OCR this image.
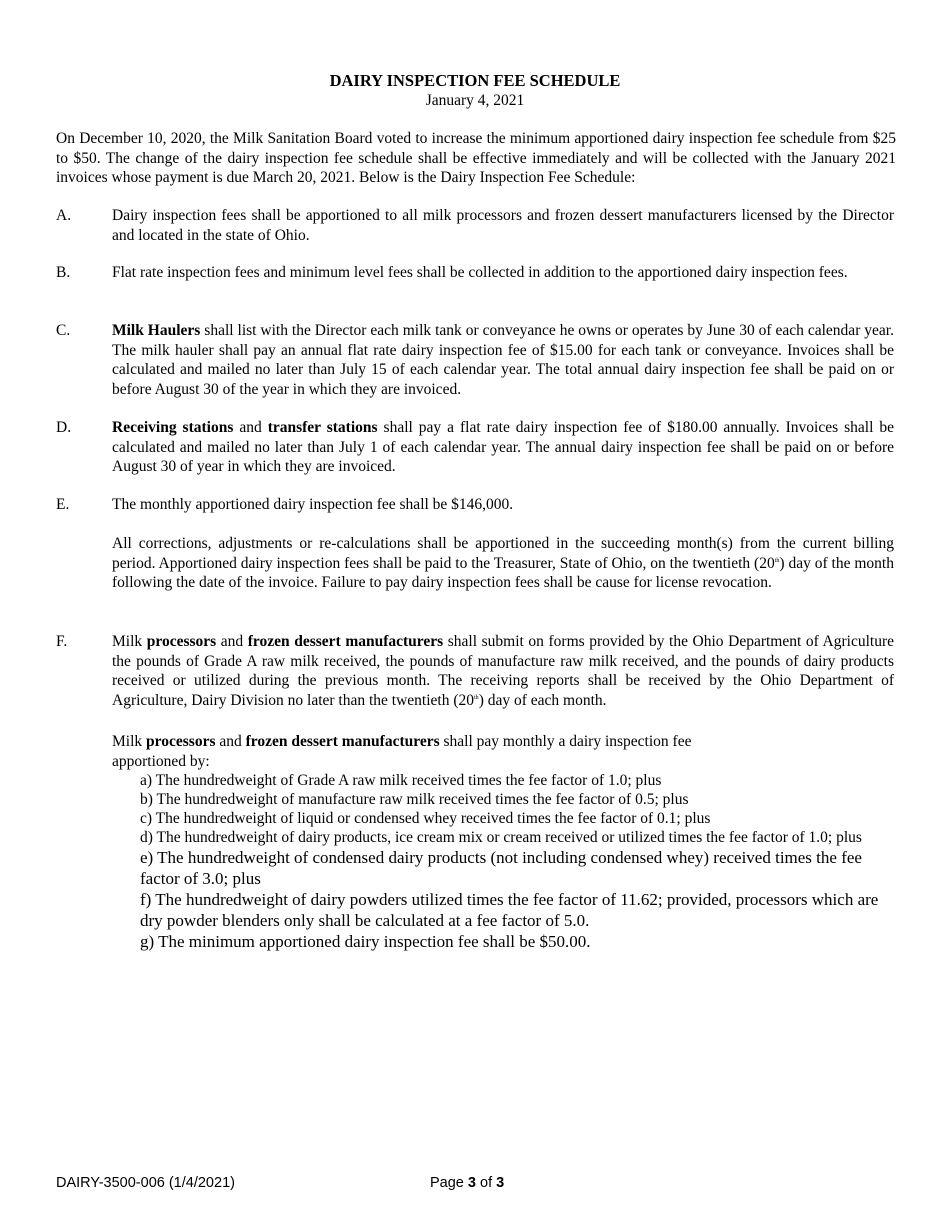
DAIRY INSPECTION FEE SCHEDULE
January 4, 2021
On December 10, 2020, the Milk Sanitation Board voted to increase the minimum apportioned dairy inspection fee schedule from $25 to $50. The change of the dairy inspection fee schedule shall be effective immediately and will be collected with the January 2021 invoices whose payment is due March 20, 2021. Below is the Dairy Inspection Fee Schedule:
A.	Dairy inspection fees shall be apportioned to all milk processors and frozen dessert manufacturers licensed by the Director and located in the state of Ohio.
B.	Flat rate inspection fees and minimum level fees shall be collected in addition to the apportioned dairy inspection fees.
C.	Milk Haulers shall list with the Director each milk tank or conveyance he owns or operates by June 30 of each calendar year. The milk hauler shall pay an annual flat rate dairy inspection fee of $15.00 for each tank or conveyance. Invoices shall be calculated and mailed no later than July 15 of each calendar year. The total annual dairy inspection fee shall be paid on or before August 30 of the year in which they are invoiced.
D.	Receiving stations and transfer stations shall pay a flat rate dairy inspection fee of $180.00 annually. Invoices shall be calculated and mailed no later than July 1 of each calendar year. The annual dairy inspection fee shall be paid on or before August 30 of year in which they are invoiced.
E.	The monthly apportioned dairy inspection fee shall be $146,000.
All corrections, adjustments or re-calculations shall be apportioned in the succeeding month(s) from the current billing period. Apportioned dairy inspection fees shall be paid to the Treasurer, State of Ohio, on the twentieth (20th) day of the month following the date of the invoice. Failure to pay dairy inspection fees shall be cause for license revocation.
F.	Milk processors and frozen dessert manufacturers shall submit on forms provided by the Ohio Department of Agriculture the pounds of Grade A raw milk received, the pounds of manufacture raw milk received, and the pounds of dairy products received or utilized during the previous month. The receiving reports shall be received by the Ohio Department of Agriculture, Dairy Division no later than the twentieth (20th) day of each month.
Milk processors and frozen dessert manufacturers shall pay monthly a dairy inspection fee apportioned by:
a) The hundredweight of Grade A raw milk received times the fee factor of 1.0; plus
b) The hundredweight of manufacture raw milk received times the fee factor of 0.5; plus
c) The hundredweight of liquid or condensed whey received times the fee factor of 0.1; plus
d) The hundredweight of dairy products, ice cream mix or cream received or utilized times the fee factor of 1.0; plus
e) The hundredweight of condensed dairy products (not including condensed whey) received times the fee factor of 3.0; plus
f) The hundredweight of dairy powders utilized times the fee factor of 11.62; provided, processors which are dry powder blenders only shall be calculated at a fee factor of 5.0.
g) The minimum apportioned dairy inspection fee shall be $50.00.
DAIRY-3500-006 (1/4/2021)	Page 3 of 3
